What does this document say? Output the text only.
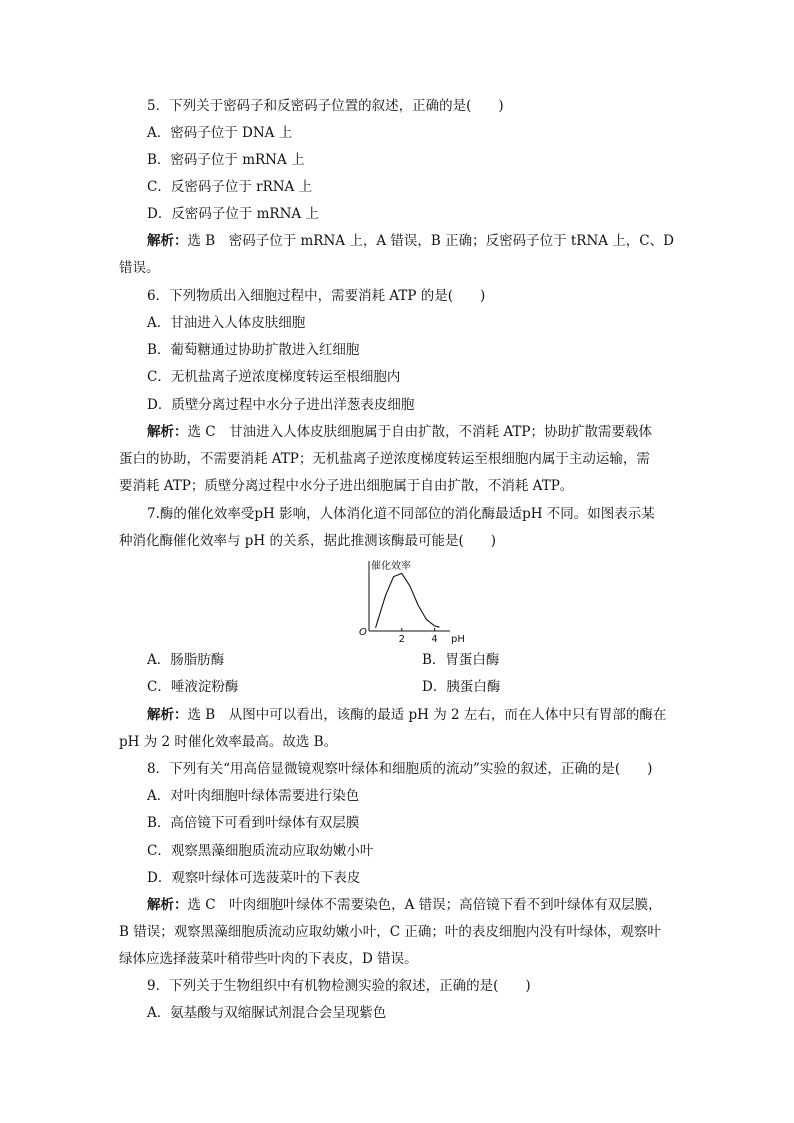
5．下列关于密码子和反密码子位置的叙述，正确的是(　　)
A．密码子位于 DNA 上
B．密码子位于 mRNA 上
C．反密码子位于 rRNA 上
D．反密码子位于 mRNA 上
解析：选 B　密码子位于 mRNA 上，A 错误，B 正确；反密码子位于 tRNA 上，C、D
错误。
6．下列物质出入细胞过程中，需要消耗 ATP 的是(　　)
A．甘油进入人体皮肤细胞
B．葡萄糖通过协助扩散进入红细胞
C．无机盐离子逆浓度梯度转运至根细胞内
D．质壁分离过程中水分子进出洋葱表皮细胞
解析：选 C　甘油进入人体皮肤细胞属于自由扩散，不消耗 ATP；协助扩散需要载体
蛋白的协助，不需要消耗 ATP；无机盐离子逆浓度梯度转运至根细胞内属于主动运输，需
要消耗 ATP；质壁分离过程中水分子进出细胞属于自由扩散，不消耗 ATP。
7.酶的催化效率受pH 影响，人体消化道不同部位的消化酶最适pH 不同。如图表示某
种消化酶催化效率与 pH 的关系，据此推测该酶最可能是(　　)
2	4
催化效率
pH
O
A．肠脂肪酶	B．胃蛋白酶
C．唾液淀粉酶	D．胰蛋白酶
解析：选 B　从图中可以看出，该酶的最适 pH 为 2 左右，而在人体中只有胃部的酶在
pH 为 2 时催化效率最高。故选 B。
8．下列有关“用高倍显微镜观察叶绿体和细胞质的流动”实验的叙述，正确的是(　　)
A．对叶肉细胞叶绿体需要进行染色
B．高倍镜下可看到叶绿体有双层膜
C．观察黑藻细胞质流动应取幼嫩小叶
D．观察叶绿体可选菠菜叶的下表皮
解析：选 C　叶肉细胞叶绿体不需要染色，A 错误；高倍镜下看不到叶绿体有双层膜，
B 错误；观察黑藻细胞质流动应取幼嫩小叶，C 正确；叶的表皮细胞内没有叶绿体，观察叶
绿体应选择菠菜叶稍带些叶肉的下表皮，D 错误。
9．下列关于生物组织中有机物检测实验的叙述，正确的是(　　)
A．氨基酸与双缩脲试剂混合会呈现紫色
